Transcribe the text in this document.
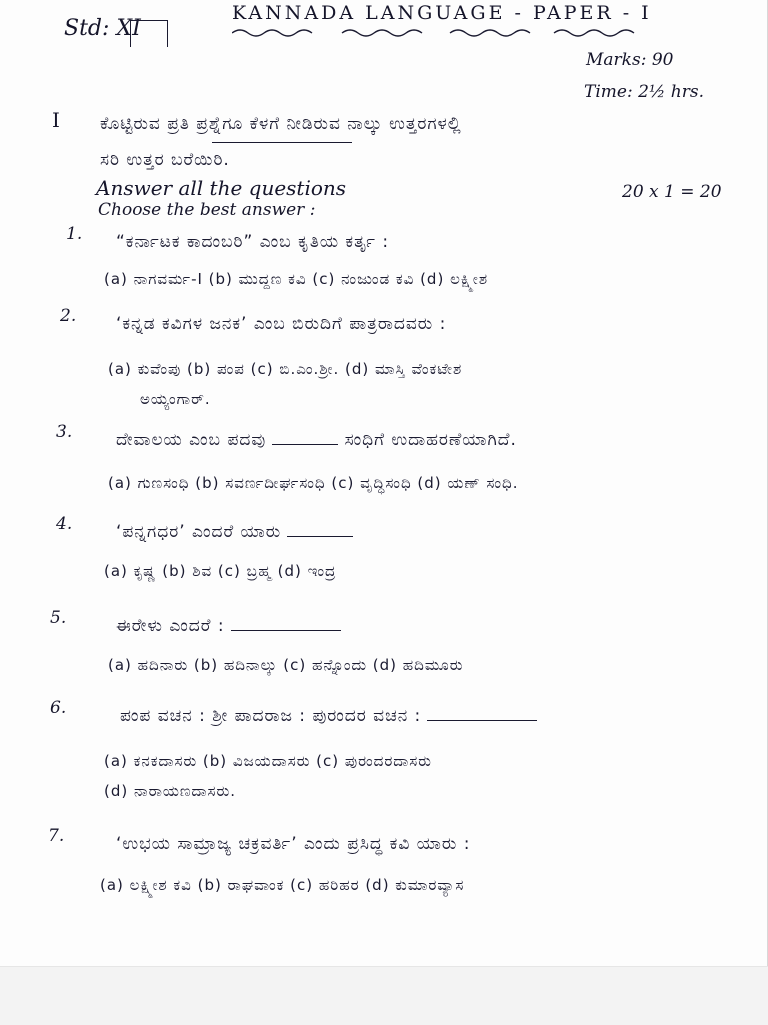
Std: XI
KANNADA LANGUAGE - PAPER - I
Marks: 90
Time: 2½ hrs.
I ಕೊಟ್ಟಿರುವ ಪ್ರತಿ ಪ್ರಶ್ನೆಗೂ ಕೆಳಗೆ ನೀಡಿರುವ ನಾಲ್ಕು ಉತ್ತರಗಳಲ್ಲಿ
ಸರಿ ಉತ್ತರ ಬರೆಯಿರಿ.
Answer all the questions	20 x 1 = 20
Choose the best answer :
1. “ಕರ್ನಾಟಕ ಕಾದಂಬರಿ” ಎಂಬ ಕೃತಿಯ ಕರ್ತೃ :
(a) ನಾಗವರ್ಮ-I (b) ಮುದ್ದಣ ಕವಿ (c) ನಂಜುಂಡ ಕವಿ (d) ಲಕ್ಷ್ಮೀಶ
2. ‘ಕನ್ನಡ ಕವಿಗಳ ಜನಕ’ ಎಂಬ ಬಿರುದಿಗೆ ಪಾತ್ರರಾದವರು :
(a) ಕುವೆಂಪು (b) ಪಂಪ (c) ಬಿ.ಎಂ.ಶ್ರೀ. (d) ಮಾಸ್ತಿ ವೆಂಕಟೇಶ
ಅಯ್ಯಂಗಾರ್.
3.	ದೇವಾಲಯ ಎಂಬ ಪದವು	ಸಂಧಿಗೆ ಉದಾಹರಣೆಯಾಗಿದೆ.
(a) ಗುಣಸಂಧಿ (b) ಸವರ್ಣದೀರ್ಘಸಂಧಿ (c) ವೃದ್ಧಿಸಂಧಿ (d) ಯಣ್ ಸಂಧಿ.
4.	‘ಪನ್ನಗಧರ’ ಎಂದರೆ ಯಾರು
(a) ಕೃಷ್ಣ (b) ಶಿವ (c) ಬ್ರಹ್ಮ (d) ಇಂದ್ರ
5.	ಈರೇಳು ಎಂದರೆ :
(a) ಹದಿನಾರು (b) ಹದಿನಾಲ್ಕು (c) ಹನ್ನೊಂದು (d) ಹದಿಮೂರು
6.	ಪಂಪ ವಚನ : ಶ್ರೀ ಪಾದರಾಜ : ಪುರಂದರ ವಚನ :
(a) ಕನಕದಾಸರು (b) ವಿಜಯದಾಸರು (c) ಪುರಂದರದಾಸರು
(d) ನಾರಾಯಣದಾಸರು.
7.	‘ಉಭಯ ಸಾಮ್ರಾಜ್ಯ ಚಕ್ರವರ್ತಿ’ ಎಂದು ಪ್ರಸಿದ್ಧ ಕವಿ ಯಾರು :
(a) ಲಕ್ಷ್ಮೀಶ ಕವಿ (b) ರಾಘವಾಂಕ (c) ಹರಿಹರ (d) ಕುಮಾರವ್ಯಾಸ
